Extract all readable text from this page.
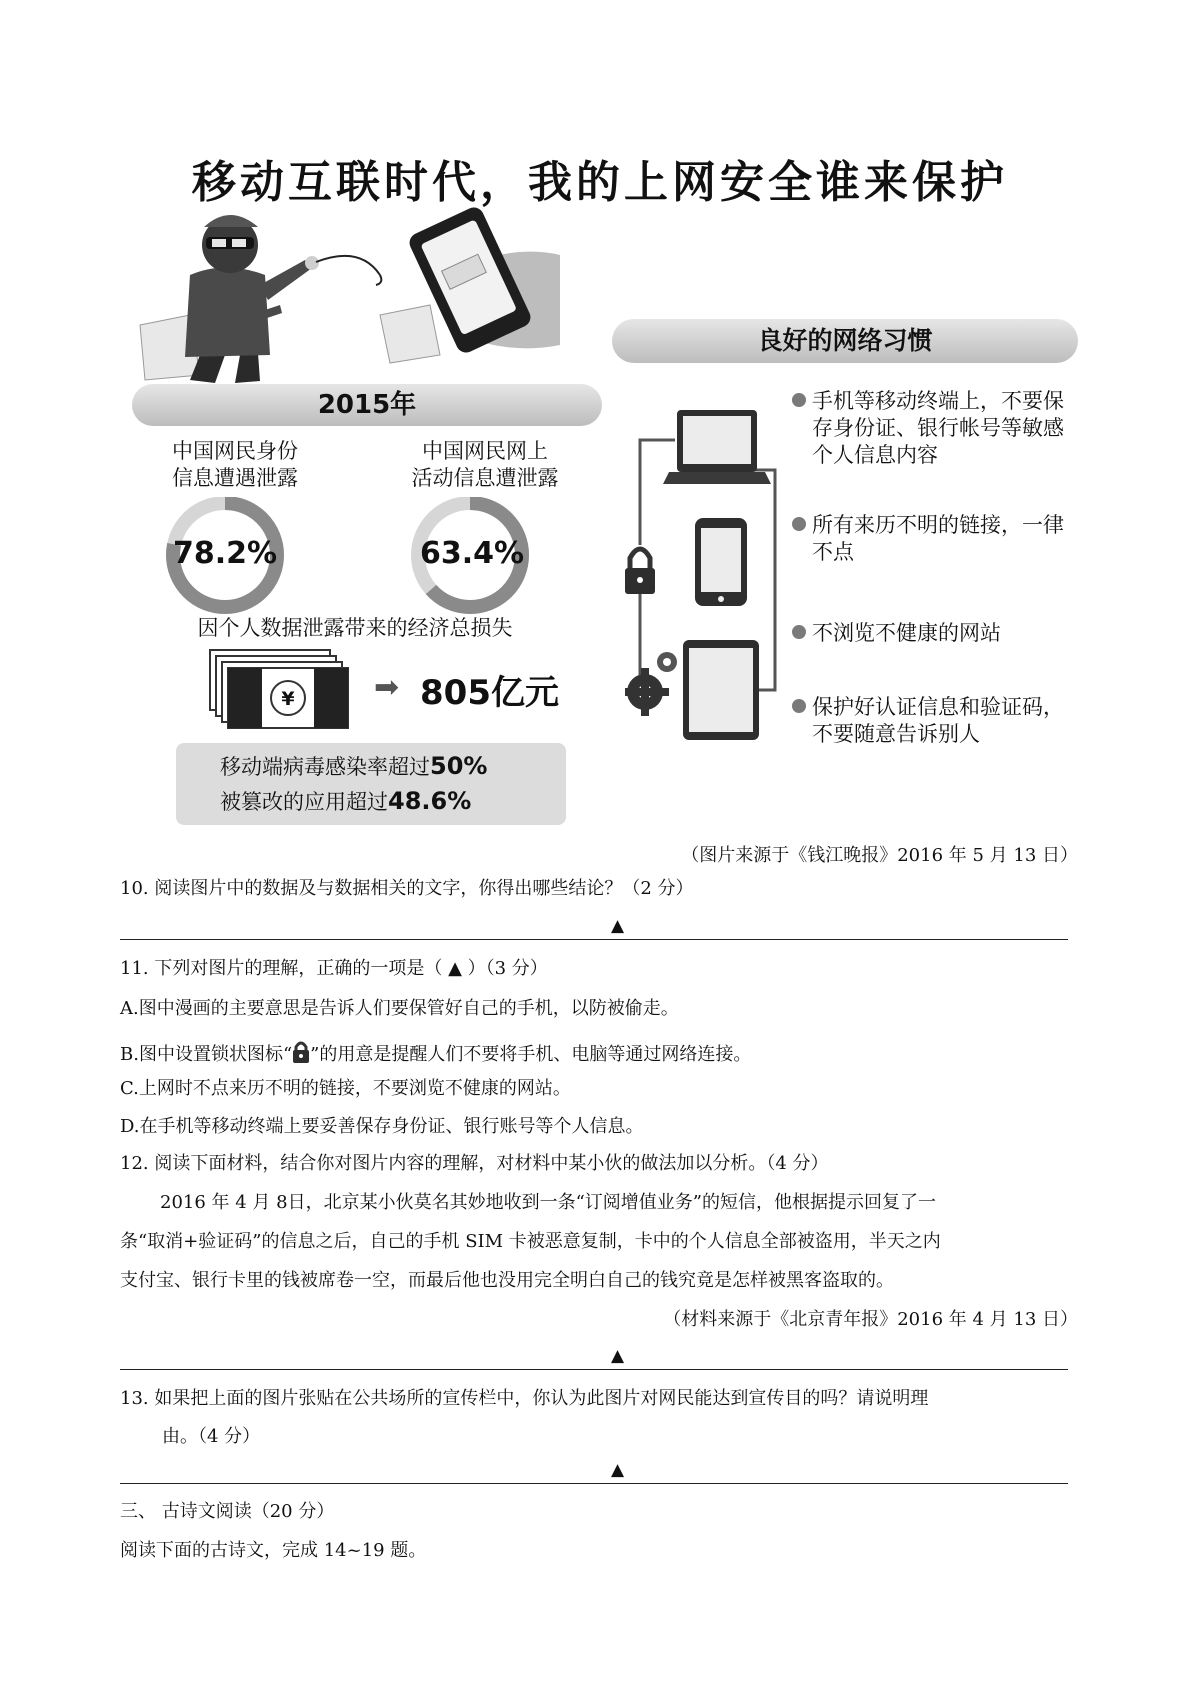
移动互联时代，我的上网安全谁来保护
2015年
中国网民身份
信息遭遇泄露
中国网民网上
活动信息遭泄露
78.2%	63.4%
因个人数据泄露带来的经济总损失
¥	➡ 805亿元
移动端病毒感染率超过50%
被篡改的应用超过48.6%
良好的网络习惯
手机等移动终端上，不要保存身份证、银行帐号等敏感个人信息内容
所有来历不明的链接，一律不点
不浏览不健康的网站
保护好认证信息和验证码，不要随意告诉别人
（图片来源于《钱江晚报》2016 年 5 月 13 日）
10. 阅读图片中的数据及与数据相关的文字，你得出哪些结论？（2 分）
▲
11. 下列对图片的理解，正确的一项是（ ▲ ）（3 分）
A.图中漫画的主要意思是告诉人们要保管好自己的手机，以防被偷走。
B.图中设置锁状图标“ ”的用意是提醒人们不要将手机、电脑等通过网络连接。
C.上网时不点来历不明的链接，不要浏览不健康的网站。
D.在手机等移动终端上要妥善保存身份证、银行账号等个人信息。
12. 阅读下面材料，结合你对图片内容的理解，对材料中某小伙的做法加以分析。（4 分）
2016 年 4 月 8日，北京某小伙莫名其妙地收到一条“订阅增值业务”的短信，他根据提示回复了一
条“取消+验证码”的信息之后，自己的手机 SIM 卡被恶意复制，卡中的个人信息全部被盗用，半天之内
支付宝、银行卡里的钱被席卷一空，而最后他也没用完全明白自己的钱究竟是怎样被黑客盗取的。
（材料来源于《北京青年报》2016 年 4 月 13 日）
▲
13. 如果把上面的图片张贴在公共场所的宣传栏中，你认为此图片对网民能达到宣传目的吗？请说明理
由。（4 分）
▲
三、 古诗文阅读（20 分）
阅读下面的古诗文，完成 14~19 题。
